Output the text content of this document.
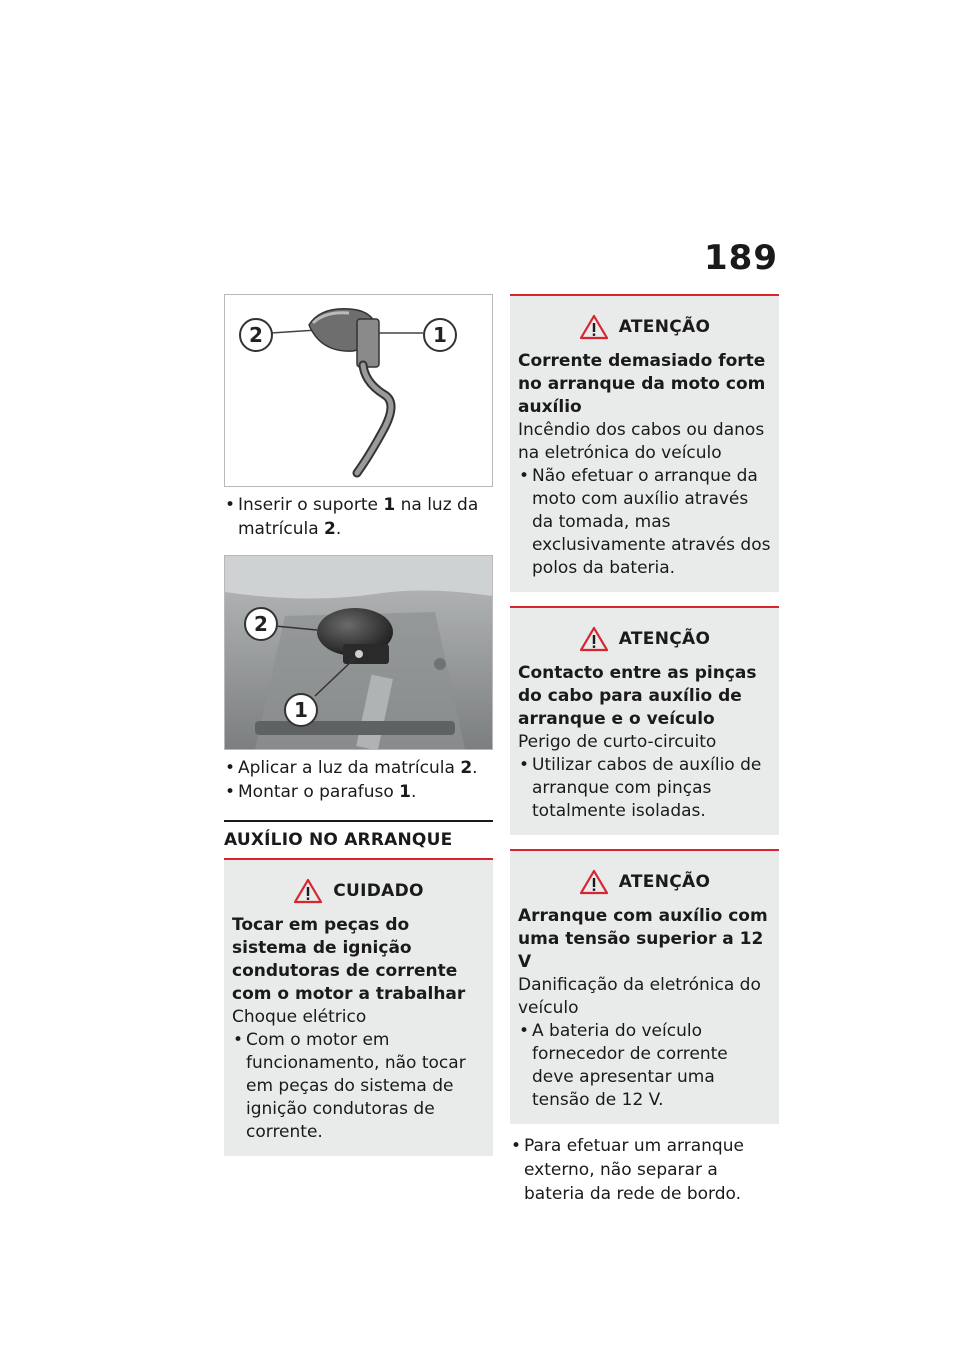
189
2	1
• Inserir o suporte 1 na luz da matrícula 2.
2
1
• Aplicar a luz da matrícula 2.
• Montar o parafuso 1.
AUXÍLIO NO ARRANQUE
CUIDADO

Tocar em peças do sistema de ignição condutoras de corrente com o motor a trabalhar

Choque elétrico

• Com o motor em funcionamento, não tocar em peças do sistema de ignição condutoras de corrente.
ATENÇÃO

Corrente demasiado forte no arranque da moto com auxílio

Incêndio dos cabos ou danos na eletrónica do veículo

• Não efetuar o arranque da moto com auxílio através da tomada, mas exclusivamente através dos polos da bateria.
ATENÇÃO

Contacto entre as pinças do cabo para auxílio de arranque e o veículo

Perigo de curto-circuito

• Utilizar cabos de auxílio de arranque com pinças totalmente isoladas.
ATENÇÃO

Arranque com auxílio com uma tensão superior a 12 V

Danificação da eletrónica do veículo

• A bateria do veículo fornecedor de corrente deve apresentar uma tensão de 12 V.
• Para efetuar um arranque externo, não separar a bateria da rede de bordo.
